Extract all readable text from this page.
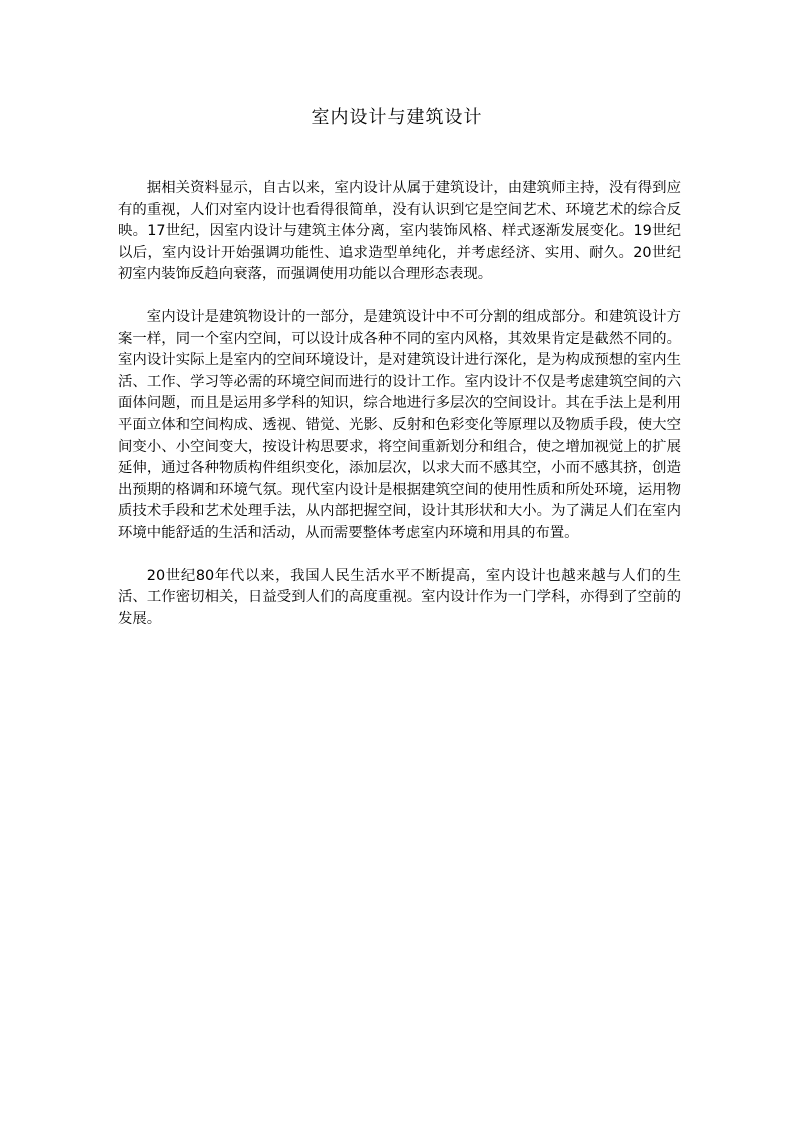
室内设计与建筑设计

据相关资料显示，自古以来，室内设计从属于建筑设计，由建筑师主持，没有得到应有的重视，人们对室内设计也看得很简单，没有认识到它是空间艺术、环境艺术的综合反映。17世纪，因室内设计与建筑主体分离，室内装饰风格、样式逐渐发展变化。19世纪以后，室内设计开始强调功能性、追求造型单纯化，并考虑经济、实用、耐久。20世纪初室内装饰反趋向衰落，而强调使用功能以合理形态表现。

室内设计是建筑物设计的一部分，是建筑设计中不可分割的组成部分。和建筑设计方案一样，同一个室内空间，可以设计成各种不同的室内风格，其效果肯定是截然不同的。室内设计实际上是室内的空间环境设计，是对建筑设计进行深化，是为构成预想的室内生活、工作、学习等必需的环境空间而进行的设计工作。室内设计不仅是考虑建筑空间的六面体问题，而且是运用多学科的知识，综合地进行多层次的空间设计。其在手法上是利用平面立体和空间构成、透视、错觉、光影、反射和色彩变化等原理以及物质手段，使大空间变小、小空间变大，按设计构思要求，将空间重新划分和组合，使之增加视觉上的扩展延伸，通过各种物质构件组织变化，添加层次，以求大而不感其空，小而不感其挤，创造出预期的格调和环境气氛。现代室内设计是根据建筑空间的使用性质和所处环境，运用物质技术手段和艺术处理手法，从内部把握空间，设计其形状和大小。为了满足人们在室内环境中能舒适的生活和活动，从而需要整体考虑室内环境和用具的布置。

20世纪80年代以来，我国人民生活水平不断提高，室内设计也越来越与人们的生活、工作密切相关，日益受到人们的高度重视。室内设计作为一门学科，亦得到了空前的发展。
